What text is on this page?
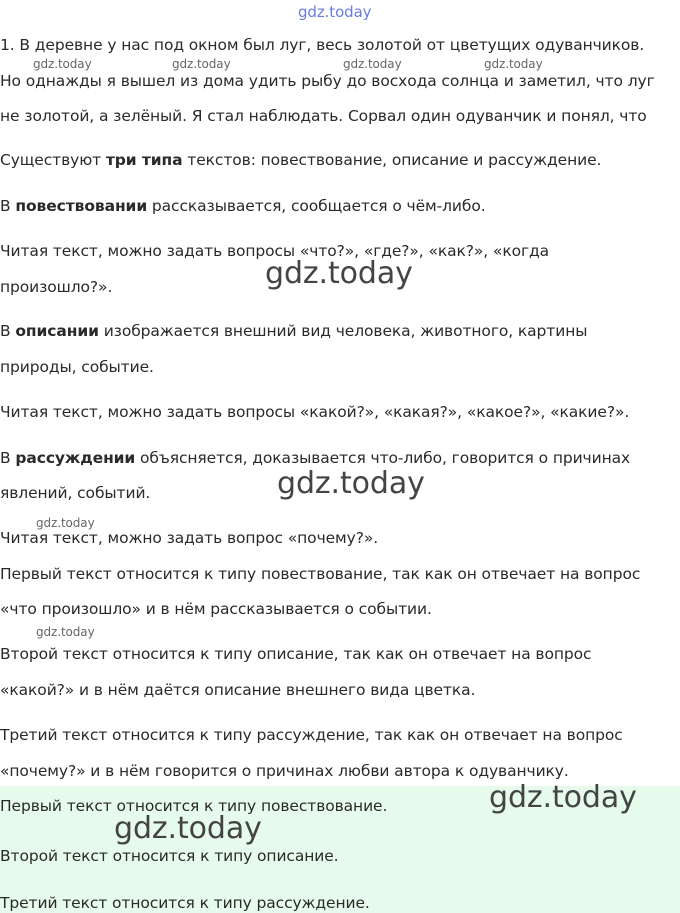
gdz.today
1. В деревне у нас под окном был луг, весь золотой от цветущих одуванчиков.
gdz.today	gdz.today	gdz.today	gdz.today
Но однажды я вышел из дома удить рыбу до восхода солнца и заметил, что луг
не золотой, а зелёный. Я стал наблюдать. Сорвал один одуванчик и понял, что
Существуют три типа текстов: повествование, описание и рассуждение.
В повествовании рассказывается, сообщается о чём-либо.
Читая текст, можно задать вопросы «что?», «где?», «как?», «когда
gdz.today
произошло?».
В описании изображается внешний вид человека, животного, картины
природы, событие.
Читая текст, можно задать вопросы «какой?», «какая?», «какое?», «какие?».
В рассуждении объясняется, доказывается что-либо, говорится о причинах
gdz.today
явлений, событий.
gdz.today
Читая текст, можно задать вопрос «почему?».
Первый текст относится к типу повествование, так как он отвечает на вопрос
«что произошло» и в нём рассказывается о событии.
gdz.today
Второй текст относится к типу описание, так как он отвечает на вопрос
«какой?» и в нём даётся описание внешнего вида цветка.
Третий текст относится к типу рассуждение, так как он отвечает на вопрос
«почему?» и в нём говорится о причинах любви автора к одуванчику.
Первый текст относится к типу повествование.	gdz.today
gdz.today
Второй текст относится к типу описание.
Третий текст относится к типу рассуждение.
